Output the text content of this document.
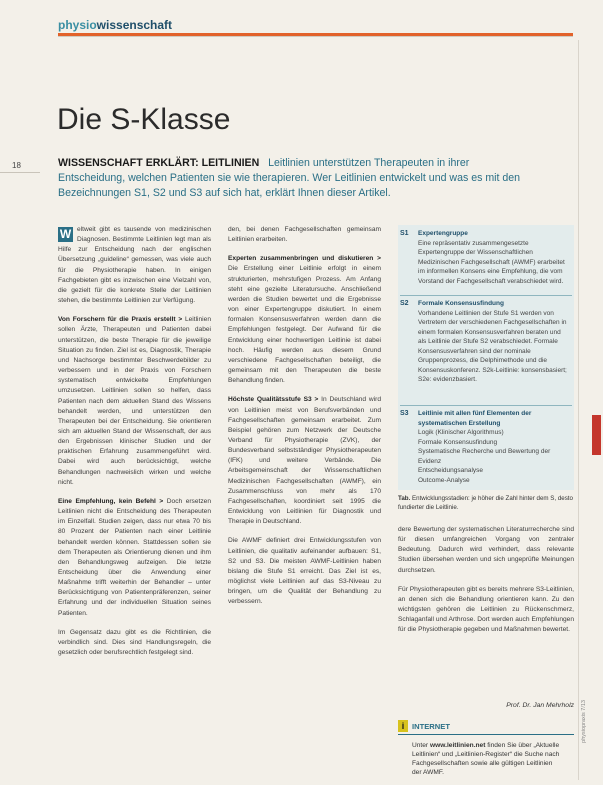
physiowissenschaft
18
Die S-Klasse
WISSENSCHAFT ERKLÄRT: LEITLINIEN Leitlinien unterstützen Therapeuten in ihrer Entscheidung, welchen Patienten sie wie therapieren. Wer Leitlinien entwickelt und was es mit den Bezeichnungen S1, S2 und S3 auf sich hat, erklärt Ihnen dieser Artikel.

W eltweit gibt es tausende von medizinischen Diagnosen. Bestimmte Leitlinien legt man als Hilfe zur Entscheidung nach der englischen Übersetzung „guideline“ gemessen, was viele auch für die Physiotherapie haben. In einigen Fachgebieten gibt es inzwischen eine Vielzahl von, die gezielt für die konkrete Stelle der Leitlinien stehen, die bestimmte Leitlinien zur Verfügung.

Von Forschern für die Praxis erstellt > Leitlinien sollen Ärzte, Therapeuten und Patienten dabei unterstützen, die beste Therapie für die jeweilige Situation zu finden. Ziel ist es, Diagnostik, Therapie und Nachsorge bestimmter Beschwerdebilder zu verbessern und in der Praxis von Forschern systematisch entwickelte Empfehlungen umzusetzen. Leitlinien sollen so helfen, dass Patienten nach dem aktuellen Stand des Wissens behandelt werden, und unterstützen den Therapeuten bei der Entscheidung. Sie orientieren sich am aktuellen Stand der Wissenschaft, der aus den Ergebnissen klinischer Studien und der praktischen Erfahrung zusammengeführt wird. Dabei wird auch berücksichtigt, welche Behandlungen nachweislich wirken und welche nicht.

Eine Empfehlung, kein Befehl > Doch ersetzen Leitlinien nicht die Entscheidung des Therapeuten im Einzelfall. Studien zeigen, dass nur etwa 70 bis 80 Prozent der Patienten nach einer Leitlinie behandelt werden können. Stattdessen sollen sie dem Therapeuten als Orientierung dienen und ihm den Behandlungsweg aufzeigen. Die letzte Entscheidung über die Anwendung einer Maßnahme trifft weiterhin der Behandler – unter Berücksichtigung von Patientenpräferenzen, seiner Erfahrung und der individuellen Situation seines Patienten.

Im Gegensatz dazu gibt es die Richtlinien, die verbindlich sind. Dies sind Handlungsregeln, die gesetzlich oder berufsrechtlich festgelegt sind.

den, bei denen Fachgesellschaften gemeinsam Leitlinien erarbeiten.

Experten zusammenbringen und diskutieren > Die Erstellung einer Leitlinie erfolgt in einem strukturierten, mehrstufigen Prozess. Am Anfang steht eine gezielte Literatursuche. Anschließend werden die Studien bewertet und die Ergebnisse von einer Expertengruppe diskutiert. In einem formalen Konsensusverfahren werden dann die Empfehlungen festgelegt. Der Aufwand für die Entwicklung einer hochwertigen Leitlinie ist dabei hoch. Häufig werden aus diesem Grund verschiedene Fachgesellschaften beteiligt, die gemeinsam mit den Therapeuten die beste Behandlung finden.

Höchste Qualitätsstufe S3 > In Deutschland wird von Leitlinien meist von Berufsverbänden und Fachgesellschaften gemeinsam erarbeitet. Zum Beispiel gehören zum Netzwerk der Deutsche Verband für Physiotherapie (ZVK), der Bundesverband selbstständiger Physiotherapeuten (IFK) und weitere Verbände. Die Arbeitsgemeinschaft der Wissenschaftlichen Medizinischen Fachgesellschaften (AWMF), ein Zusammenschluss von mehr als 170 Fachgesellschaften, koordiniert seit 1995 die Entwicklung von Leitlinien für Diagnostik und Therapie in Deutschland.

Die AWMF definiert drei Entwicklungsstufen von Leitlinien, die qualitativ aufeinander aufbauen: S1, S2 und S3. Die meisten AWMF-Leitlinien haben bislang die Stufe S1 erreicht. Das Ziel ist es, möglichst viele Leitlinien auf das S3-Niveau zu bringen, um die Qualität der Behandlung zu verbessern.

S1 Expertengruppe
Eine repräsentativ zusammengesetzte Expertengruppe der Wissenschaftlichen Medizinischen Fachgesellschaft (AWMF) erarbeitet im informellen Konsens eine Empfehlung, die vom Vorstand der Fachgesellschaft verabschiedet wird.
S2 Formale Konsensusfindung
Vorhandene Leitlinien der Stufe S1 werden von Vertretern der verschiedenen Fachgesellschaften in einem formalen Konsensusverfahren beraten und als Leitlinie der Stufe S2 verabschiedet. Formale Konsensusverfahren sind der nominale Gruppenprozess, die Delphimethode und die Konsensuskonferenz. S2k-Leitlinie: konsensbasiert; S2e: evidenzbasiert.
S3 Leitlinie mit allen fünf Elementen der systematischen Erstellung
Logik (Klinischer Algorithmus)
Formale Konsensusfindung
Systematische Recherche und Bewertung der Evidenz
Entscheidungsanalyse
Outcome-Analyse
Tab. Entwicklungsstadien: je höher die Zahl hinter dem S, desto fundierter die Leitlinie.

dere Bewertung der systematischen Literaturrecherche sind für diesen umfangreichen Vorgang von zentraler Bedeutung. Dadurch wird verhindert, dass relevante Studien übersehen werden und sich ungeprüfte Meinungen durchsetzen.

Für Physiotherapeuten gibt es bereits mehrere S3-Leitlinien, an denen sich die Behandlung orientieren kann. Zu den wichtigsten gehören die Leitlinien zu Rückenschmerz, Schlaganfall und Arthrose. Dort werden auch Empfehlungen für die Physiotherapie gegeben und Maßnahmen bewertet.

Prof. Dr. Jan Mehrholz
i	INTERNET
Unter www.leitlinien.net finden Sie über „Aktuelle Leitlinien“ und „Leitlinien-Register“ die Suche nach Fachgesellschaften sowie alle gültigen Leitlinien der AWMF.
physiopraxis 7/13
